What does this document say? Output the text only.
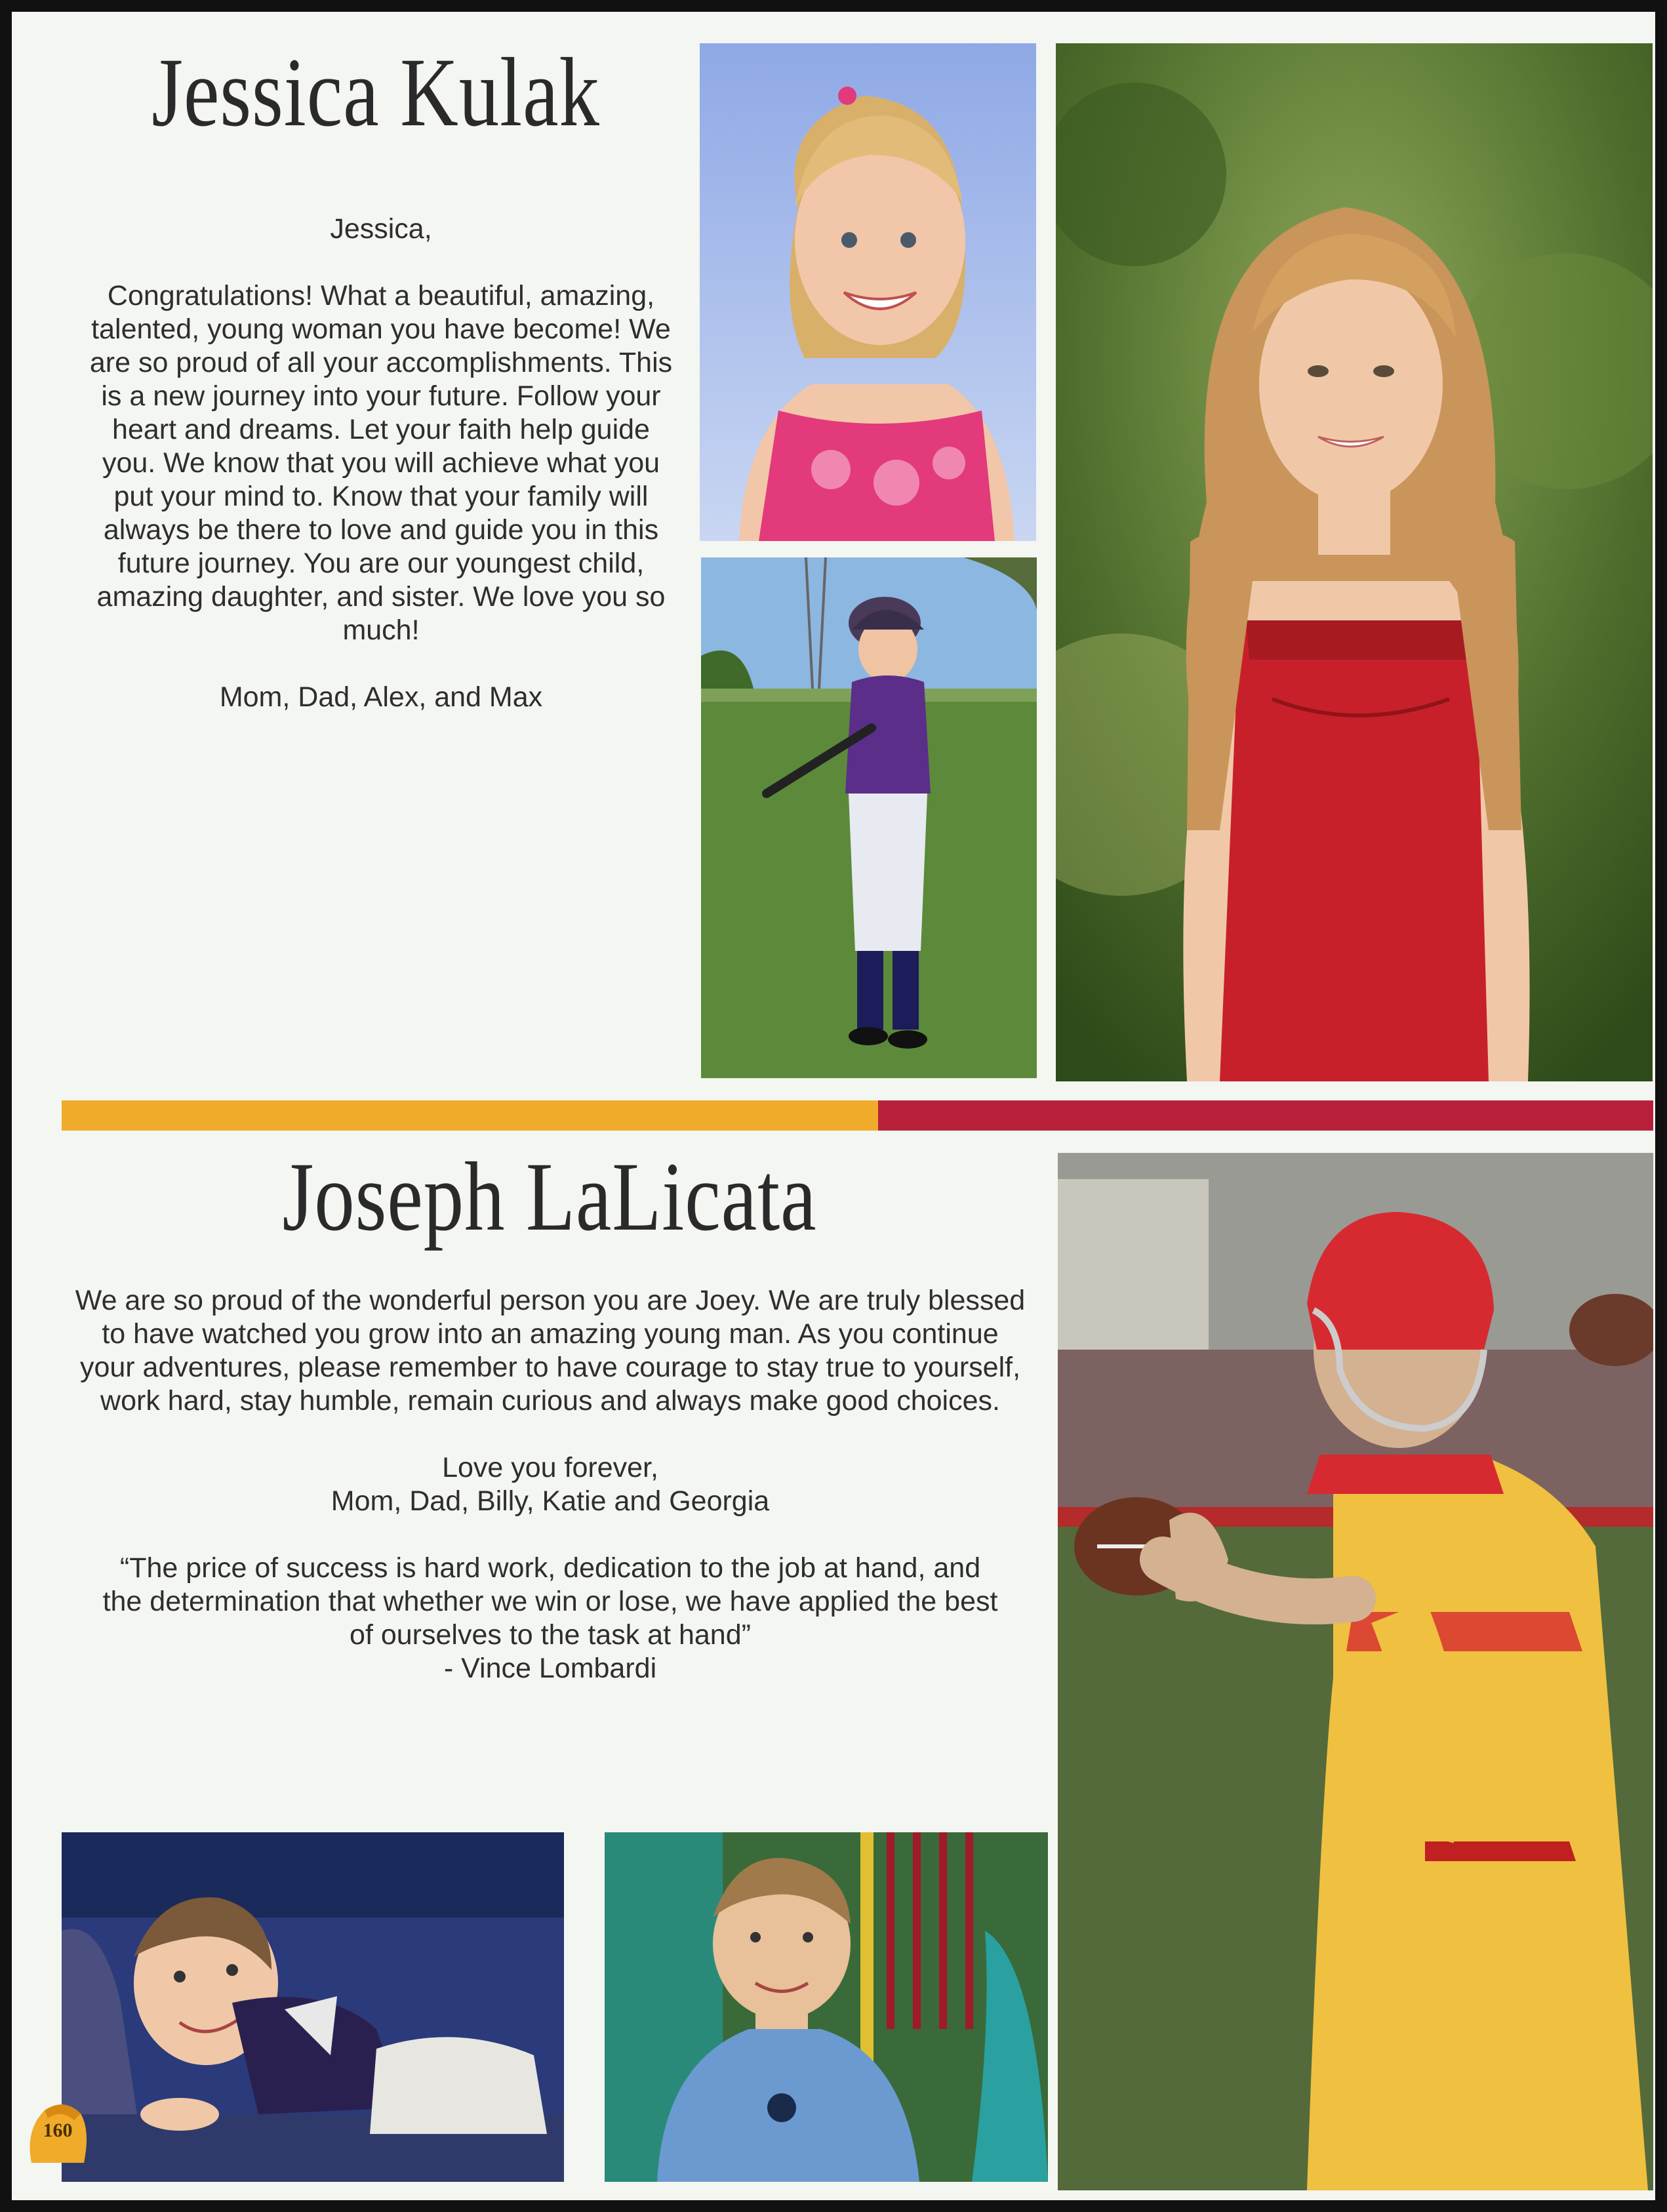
Jessica Kulak

Jessica,

Congratulations! What a beautiful, amazing, talented, young woman you have become! We are so proud of all your accomplishments. This is a new journey into your future. Follow your heart and dreams. Let your faith help guide you. We know that you will achieve what you put your mind to. Know that your family will always be there to love and guide you in this future journey. You are our youngest child, amazing daughter, and sister. We love you so much!

Mom, Dad, Alex, and Max

Joseph LaLicata

We are so proud of the wonderful person you are Joey. We are truly blessed to have watched you grow into an amazing young man. As you continue your adventures, please remember to have courage to stay true to yourself, work hard, stay humble, remain curious and always make good choices.

Love you forever,

Mom, Dad, Billy, Katie and Georgia

“The price of success is hard work, dedication to the job at hand, and the determination that whether we win or lose, we have applied the best of ourselves to the task at hand”

- Vince Lombardi

160
